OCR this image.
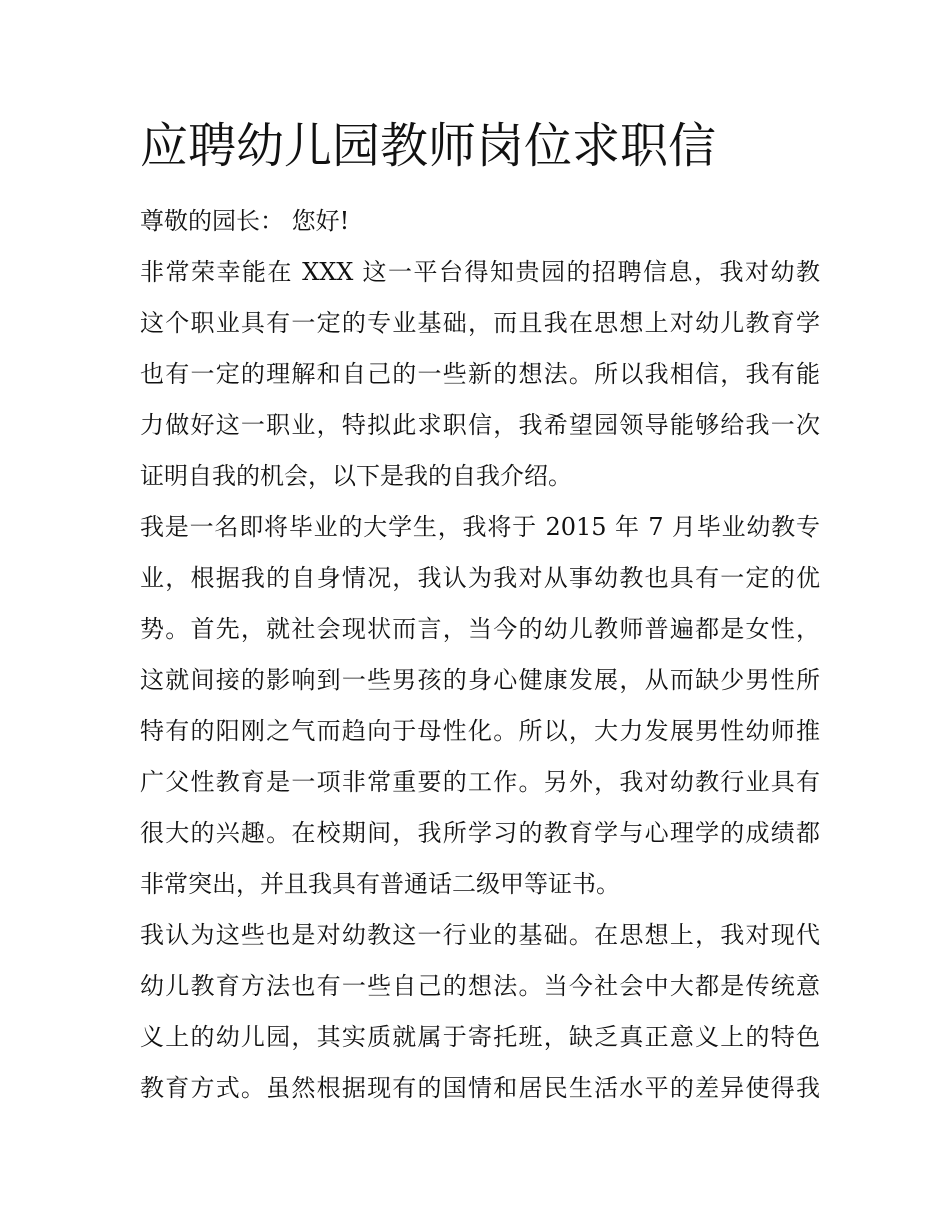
应聘幼儿园教师岗位求职信
尊敬的园长： 您好!
非常荣幸能在 XXX 这一平台得知贵园的招聘信息，我对幼教
这个职业具有一定的专业基础，而且我在思想上对幼儿教育学
也有一定的理解和自己的一些新的想法。所以我相信，我有能
力做好这一职业，特拟此求职信，我希望园领导能够给我一次
证明自我的机会，以下是我的自我介绍。
我是一名即将毕业的大学生，我将于 2015 年 7 月毕业幼教专
业，根据我的自身情况，我认为我对从事幼教也具有一定的优
势。首先，就社会现状而言，当今的幼儿教师普遍都是女性，
这就间接的影响到一些男孩的身心健康发展，从而缺少男性所
特有的阳刚之气而趋向于母性化。所以，大力发展男性幼师推
广父性教育是一项非常重要的工作。另外，我对幼教行业具有
很大的兴趣。在校期间，我所学习的教育学与心理学的成绩都
非常突出，并且我具有普通话二级甲等证书。
我认为这些也是对幼教这一行业的基础。在思想上，我对现代
幼儿教育方法也有一些自己的想法。当今社会中大都是传统意
义上的幼儿园，其实质就属于寄托班，缺乏真正意义上的特色
教育方式。虽然根据现有的国情和居民生活水平的差异使得我
